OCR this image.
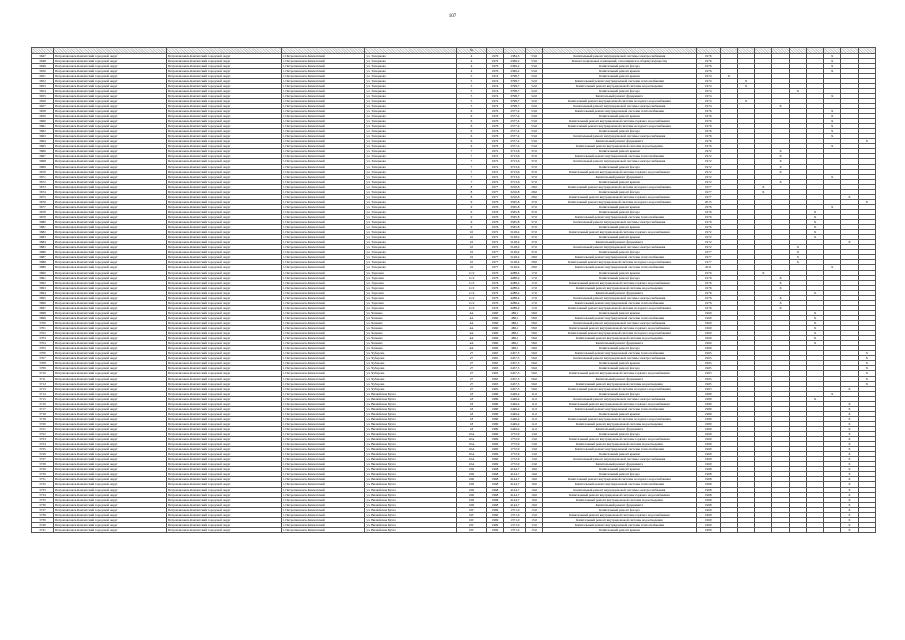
107
					№														
3647	Петропавловск-Камчатский городской округ	Петропавловск-Камчатский городской округ	г. Петропавловск-Камчатский	ул. Топоркова	4	1976	1384,5	53,6	Капитальный ремонт внутридомовой системы электроснабжения	1976							X		
3648	Петропавловск-Камчатский городской округ	Петропавловск-Камчатский городской округ	г. Петропавловск-Камчатский	ул. Топоркова	4	1976	2369,2	53,6	Ремонт подвальных помещений, относящихся к общему имуществу	1976							X		
3649	Петропавловск-Камчатский городской округ	Петропавловск-Камчатский городской округ	г. Петропавловск-Камчатский	ул. Топоркова	4	1976	2369,2	53,6	Капитальный ремонт фасада	1976							X		
3650	Петропавловск-Камчатский городской округ	Петропавловск-Камчатский городской округ	г. Петропавловск-Камчатский	ул. Топоркова	4	1976	2369,2	53,6	Капитальный ремонт крыши	1976							X		
3651	Петропавловск-Камчатский городской округ	Петропавловск-Камчатский городской округ	г. Петропавловск-Камчатский	ул. Топоркова	5	1974	3798,7	52,0	Капитальный ремонт крыши	1974	X								
3652	Петропавловск-Камчатский городской округ	Петропавловск-Камчатский городской округ	г. Петропавловск-Камчатский	ул. Топоркова	5	1974	3798,7	52,0	Капитальный ремонт внутридомовой системы теплоснабжения	1974		X							
3653	Петропавловск-Камчатский городской округ	Петропавловск-Камчатский городской округ	г. Петропавловск-Камчатский	ул. Топоркова	5	1974	3798,7	52,0	Капитальный ремонт внутридомовой системы водоотведения	1974		X							
3654	Петропавловск-Камчатский городской округ	Петропавловск-Камчатский городской округ	г. Петропавловск-Камчатский	ул. Топоркова	5	1974	3798,7	52,0	Капитальный ремонт фасада	1974					X				
3655	Петропавловск-Камчатский городской округ	Петропавловск-Камчатский городской округ	г. Петропавловск-Камчатский	ул. Топоркова	5	1974	3798,7	52,0	Капитальный ремонт фундамента	1974							X		
3656	Петропавловск-Камчатский городской округ	Петропавловск-Камчатский городской округ	г. Петропавловск-Камчатский	ул. Топоркова	5	1974	3798,7	52,0	Капитальный ремонт внутридомовой системы холодного водоснабжения	1974		X							
3657	Петропавловск-Камчатский городской округ	Петропавловск-Камчатский городской округ	г. Петропавловск-Камчатский	ул. Топоркова	5	1974	3798,7	52,0	Капитальный ремонт внутридомовой системы электроснабжения	1974				X					
3658	Петропавловск-Камчатский городской округ	Петропавловск-Камчатский городской округ	г. Петропавловск-Камчатский	ул. Топоркова	6	1976	2577,4	53,6	Капитальный ремонт внутридомовой системы теплоснабжения	1976							X		
3659	Петропавловск-Камчатский городской округ	Петропавловск-Камчатский городской округ	г. Петропавловск-Камчатский	ул. Топоркова	6	1976	2577,4	53,6	Капитальный ремонт крыши	1976							X		
3660	Петропавловск-Камчатский городской округ	Петропавловск-Камчатский городской округ	г. Петропавловск-Камчатский	ул. Топоркова	6	1976	2577,4	53,6	Капитальный ремонт внутридомовой системы горячего водоснабжения	1976							X		
3661	Петропавловск-Камчатский городской округ	Петропавловск-Камчатский городской округ	г. Петропавловск-Камчатский	ул. Топоркова	6	1976	2577,4	53,6	Капитальный ремонт внутридомовой системы холодного водоснабжения	1976							X		
3662	Петропавловск-Камчатский городской округ	Петропавловск-Камчатский городской округ	г. Петропавловск-Камчатский	ул. Топоркова	6	1976	2577,4	53,6	Капитальный ремонт фасада	1976							X		
3663	Петропавловск-Камчатский городской округ	Петропавловск-Камчатский городской округ	г. Петропавловск-Камчатский	ул. Топоркова	6	1976	2577,4	53,6	Капитальный ремонт внутридомовой системы электроснабжения	1976							X		
3664	Петропавловск-Камчатский городской округ	Петропавловск-Камчатский городской округ	г. Петропавловск-Камчатский	ул. Топоркова	6	1976	2577,4	53,6	Капитальный ремонт фундамента	1976									X
3665	Петропавловск-Камчатский городской округ	Петропавловск-Камчатский городской округ	г. Петропавловск-Камчатский	ул. Топоркова	6	1976	2577,4	53,6	Капитальный ремонт внутридомовой системы водоотведения	1976							X		
3666	Петропавловск-Камчатский городской округ	Петропавловск-Камчатский городской округ	г. Петропавловск-Камчатский	ул. Топоркова	7	1972	3713,6	37,0	Капитальный ремонт крыши	1972				X					
3667	Петропавловск-Камчатский городской округ	Петропавловск-Камчатский городской округ	г. Петропавловск-Камчатский	ул. Топоркова	7	1972	3713,6	37,0	Капитальный ремонт внутридомовой системы теплоснабжения	1972				X					
3668	Петропавловск-Камчатский городской округ	Петропавловск-Камчатский городской округ	г. Петропавловск-Камчатский	ул. Топоркова	7	1972	3713,6	37,0	Капитальный ремонт внутридомовой системы электроснабжения	1972				X					
3669	Петропавловск-Камчатский городской округ	Петропавловск-Камчатский городской округ	г. Петропавловск-Камчатский	ул. Топоркова	7	1972	3713,6	37,0	Капитальный ремонт фасада	1972				X					
3670	Петропавловск-Камчатский городской округ	Петропавловск-Камчатский городской округ	г. Петропавловск-Камчатский	ул. Топоркова	7	1972	3713,6	37,0	Капитальный ремонт внутридомовой системы горячего водоснабжения	1972				X					
3671	Петропавловск-Камчатский городской округ	Петропавловск-Камчатский городской округ	г. Петропавловск-Камчатский	ул. Топоркова	7	1972	3713,6	37,0	Капитальный ремонт фундамента	1972							X		
3672	Петропавловск-Камчатский городской округ	Петропавловск-Камчатский городской округ	г. Петропавловск-Камчатский	ул. Топоркова	7	1972	3713,6	37,0	Капитальный ремонт крыши	1972				X					
3673	Петропавловск-Камчатский городской округ	Петропавловск-Камчатский городской округ	г. Петропавловск-Камчатский	ул. Топоркова	8	1977	3216,8	28,0	Капитальный ремонт внутридомовой системы холодного водоснабжения	1977			X						
3674	Петропавловск-Камчатский городской округ	Петропавловск-Камчатский городской округ	г. Петропавловск-Камчатский	ул. Топоркова	8	1977	3216,8	28,0	Капитальный ремонт фасада	1977			X						
3675	Петропавловск-Камчатский городской округ	Петропавловск-Камчатский городской округ	г. Петропавловск-Камчатский	ул. Топоркова	8	1977	3216,8	28,0	Капитальный ремонт внутридомовой системы горячего водоснабжения	1977								X	
3676	Петропавловск-Камчатский городской округ	Петропавловск-Камчатский городской округ	г. Петропавловск-Камчатский	ул. Топоркова	9	1976	3565,8	37,0	Капитальный ремонт внутридомовой системы холодного водоснабжения	2015									X
3677	Петропавловск-Камчатский городской округ	Петропавловск-Камчатский городской округ	г. Петропавловск-Камчатский	ул. Топоркова	9	1976	3565,8	37,0	Капитальный ремонт крыши	1976							X		
3678	Петропавловск-Камчатский городской округ	Петропавловск-Камчатский городской округ	г. Петропавловск-Камчатский	ул. Топоркова	9	1976	3565,8	37,0	Капитальный ремонт фасада	1976						X			
3679	Петропавловск-Камчатский городской округ	Петропавловск-Камчатский городской округ	г. Петропавловск-Камчатский	ул. Топоркова	9	1976	3565,8	37,0	Капитальный ремонт внутридомовой системы теплоснабжения	1976						X			
3680	Петропавловск-Камчатский городской округ	Петропавловск-Камчатский городской округ	г. Петропавловск-Камчатский	ул. Топоркова	9	1976	3565,8	37,0	Капитальный ремонт внутридомовой системы электроснабжения	1976						X			
3681	Петропавловск-Камчатский городской округ	Петропавловск-Камчатский городской округ	г. Петропавловск-Камчатский	ул. Топоркова	9	1976	3565,8	37,0	Капитальный ремонт крыши	1976						X			
3682	Петропавловск-Камчатский городской округ	Петропавловск-Камчатский городской округ	г. Петропавловск-Камчатский	ул. Топоркова	10	1972	5128,4	37,0	Капитальный ремонт внутридомовой системы горячего водоснабжения	1972						X			
3683	Петропавловск-Камчатский городской округ	Петропавловск-Камчатский городской округ	г. Петропавловск-Камчатский	ул. Топоркова	10	1972	5128,4	37,0	Капитальный ремонт крыши	1972						X			
3684	Петропавловск-Камчатский городской округ	Петропавловск-Камчатский городской округ	г. Петропавловск-Камчатский	ул. Топоркова	10	1972	5128,4	37,0	Капитальный ремонт фундамента	1972								X	
3685	Петропавловск-Камчатский городской округ	Петропавловск-Камчатский городской округ	г. Петропавловск-Камчатский	ул. Топоркова	10	1972	5128,4	37,0	Капитальный ремонт внутридомовой системы электроснабжения	1972					X				
3686	Петропавловск-Камчатский городской округ	Петропавловск-Камчатский городской округ	г. Петропавловск-Камчатский	ул. Топоркова	10	1977	5128,4	37,0	Капитальный ремонт фасада	1977					X				
3687	Петропавловск-Камчатский городской округ	Петропавловск-Камчатский городской округ	г. Петропавловск-Камчатский	ул. Топоркова	10	1977	5128,4	28,0	Капитальный ремонт внутридомовой системы теплоснабжения	1977					X				
3688	Петропавловск-Камчатский городской округ	Петропавловск-Камчатский городской округ	г. Петропавловск-Камчатский	ул. Топоркова	10	1977	5128,4	28,0	Капитальный ремонт внутридомовой системы холодного водоснабжения	1977					X				
3689	Петропавловск-Камчатский городской округ	Петропавловск-Камчатский городской округ	г. Петропавловск-Камчатский	ул. Топоркова	10	1977	5128,4	28,0	Капитальный ремонт внутридомовой системы теплоснабжения	2011							X		
3690	Петропавловск-Камчатский городской округ	Петропавловск-Камчатский городской округ	г. Петропавловск-Камчатский	ул. Торговая	11/2	1976	4288,4	17,0	Капитальный ремонт крыши	1976			X						
3691	Петропавловск-Камчатский городской округ	Петропавловск-Камчатский городской округ	г. Петропавловск-Камчатский	ул. Торговая	11/2	1976	4288,4	17,0	Капитальный ремонт фасада	1976				X					
3692	Петропавловск-Камчатский городской округ	Петропавловск-Камчатский городской округ	г. Петропавловск-Камчатский	ул. Торговая	11/2	1976	4288,4	17,0	Капитальный ремонт внутридомовой системы горячего водоснабжения	1976				X					
3693	Петропавловск-Камчатский городской округ	Петропавловск-Камчатский городской округ	г. Петропавловск-Камчатский	ул. Торговая	11/2	1976	4288,4	17,0	Капитальный ремонт внутридомовой системы водоотведения	1976				X					
3694	Петропавловск-Камчатский городской округ	Петропавловск-Камчатский городской округ	г. Петропавловск-Камчатский	ул. Торговая	11/2	1976	4288,4	17,0	Капитальный ремонт фундамента	1976						X			
3695	Петропавловск-Камчатский городской округ	Петропавловск-Камчатский городской округ	г. Петропавловск-Камчатский	ул. Торговая	11/2	1976	4288,4	17,0	Капитальный ремонт внутридомовой системы электроснабжения	1976				X					
3696	Петропавловск-Камчатский городской округ	Петропавловск-Камчатский городской округ	г. Петропавловск-Камчатский	ул. Торговая	11/2	1976	4288,4	17,0	Капитальный ремонт внутридомовой системы теплоснабжения	1976				X					
3697	Петропавловск-Камчатский городской округ	Петропавловск-Камчатский городской округ	г. Петропавловск-Камчатский	ул. Торговая	11/2	1976	4288,4	17,0	Капитальный ремонт внутридомовой системы холодного водоснабжения	1976				X					
3698	Петропавловск-Камчатский городской округ	Петропавловск-Камчатский городской округ	г. Петропавловск-Камчатский	ул. Чапаева	4А	1960	486,1	58,0	Капитальный ремонт крыши	1960						X			
3699	Петропавловск-Камчатский городской округ	Петропавловск-Камчатский городской округ	г. Петропавловск-Камчатский	ул. Чапаева	4А	1960	486,1	58,0	Капитальный ремонт внутридомовой системы теплоснабжения	1960						X			
3700	Петропавловск-Камчатский городской округ	Петропавловск-Камчатский городской округ	г. Петропавловск-Камчатский	ул. Чапаева	4А	1960	486,1	58,0	Капитальный ремонт внутридомовой системы электроснабжения	1960						X			
3701	Петропавловск-Камчатский городской округ	Петропавловск-Камчатский городской округ	г. Петропавловск-Камчатский	ул. Чапаева	4А	1960	486,1	58,0	Капитальный ремонт внутридомовой системы горячего водоснабжения	1960						X			
3702	Петропавловск-Камчатский городской округ	Петропавловск-Камчатский городской округ	г. Петропавловск-Камчатский	ул. Чапаева	4А	1960	486,1	58,0	Капитальный ремонт внутридомовой системы холодного водоснабжения	1960						X			
3703	Петропавловск-Камчатский городской округ	Петропавловск-Камчатский городской округ	г. Петропавловск-Камчатский	ул. Чапаева	4А	1960	486,1	58,0	Капитальный ремонт внутридомовой системы водоотведения	1960						X			
3704	Петропавловск-Камчатский городской округ	Петропавловск-Камчатский городской округ	г. Петропавловск-Камчатский	ул. Чапаева	4А	1960	486,1	58,0	Капитальный ремонт фундамента	1960						X			
3705	Петропавловск-Камчатский городской округ	Петропавловск-Камчатский городской округ	г. Петропавловск-Камчатский	ул. Чапаева	4А	1960	486,1	58,0	Капитальный ремонт фасада	1960									
3706	Петропавловск-Камчатский городской округ	Петропавловск-Камчатский городской округ	г. Петропавловск-Камчатский	ул. Чубарова	27	1965	2457,5	56,0	Капитальный ремонт внутридомовой системы теплоснабжения	1965									X
3707	Петропавловск-Камчатский городской округ	Петропавловск-Камчатский городской округ	г. Петропавловск-Камчатский	ул. Чубарова	27	1965	2457,5	56,0	Капитальный ремонт внутридомовой системы электроснабжения	1965									X
3708	Петропавловск-Камчатский городской округ	Петропавловск-Камчатский городской округ	г. Петропавловск-Камчатский	ул. Чубарова	27	1965	2457,5	56,0	Капитальный ремонт крыши	1965									X
3709	Петропавловск-Камчатский городской округ	Петропавловск-Камчатский городской округ	г. Петропавловск-Камчатский	ул. Чубарова	27	1965	2457,5	56,0	Капитальный ремонт фасада	1965									X
3710	Петропавловск-Камчатский городской округ	Петропавловск-Камчатский городской округ	г. Петропавловск-Камчатский	ул. Чубарова	27	1965	2457,5	56,0	Капитальный ремонт внутридомовой системы горячего водоснабжения	1965									X
3711	Петропавловск-Камчатский городской округ	Петропавловск-Камчатский городской округ	г. Петропавловск-Камчатский	ул. Чубарова	27	1965	2457,5	56,0	Капитальный ремонт фундамента	1965									X
3712	Петропавловск-Камчатский городской округ	Петропавловск-Камчатский городской округ	г. Петропавловск-Камчатский	ул. Чубарова	27	1965	2457,5	56,0	Капитальный ремонт внутридомовой системы водоотведения	1965									X
3713	Петропавловск-Камчатский городской округ	Петропавловск-Камчатский городской округ	г. Петропавловск-Камчатский	ул. Чубарова	27	1965	2457,5	56,0	Капитальный ремонт внутридомовой системы холодного водоснабжения	1965								X	
3714	Петропавловск-Камчатский городской округ	Петропавловск-Камчатский городской округ	г. Петропавловск-Камчатский	ул. Вилюйская Бухта	18	1980	2449,4	11,0	Капитальный ремонт фасада	1980							X		
3715	Петропавловск-Камчатский городской округ	Петропавловск-Камчатский городской округ	г. Петропавловск-Камчатский	ул. Вилюйская Бухта	18	1980	2449,4	11,0	Капитальный ремонт внутридомовой системы электроснабжения	1980						X			
3716	Петропавловск-Камчатский городской округ	Петропавловск-Камчатский городской округ	г. Петропавловск-Камчатский	ул. Вилюйская Бухта	18	1980	2449,4	11,0	Капитальный ремонт внутридомовой системы горячего водоснабжения	1980								X	
3717	Петропавловск-Камчатский городской округ	Петропавловск-Камчатский городской округ	г. Петропавловск-Камчатский	ул. Вилюйская Бухта	18	1980	2449,4	11,0	Капитальный ремонт внутридомовой системы теплоснабжения	1980								X	
3718	Петропавловск-Камчатский городской округ	Петропавловск-Камчатский городской округ	г. Петропавловск-Камчатский	ул. Вилюйская Бухта	18	1980	2449,4	11,0	Капитальный ремонт крыши	1980								X	
3719	Петропавловск-Камчатский городской округ	Петропавловск-Камчатский городской округ	г. Петропавловск-Камчатский	ул. Вилюйская Бухта	18	1980	2449,4	11,0	Капитальный ремонт внутридомовой системы холодного водоснабжения	1980								X	
3720	Петропавловск-Камчатский городской округ	Петропавловск-Камчатский городской округ	г. Петропавловск-Камчатский	ул. Вилюйская Бухта	18	1980	2449,4	11,0	Капитальный ремонт внутридомовой системы водоотведения	1980								X	
3721	Петропавловск-Камчатский городской округ	Петропавловск-Камчатский городской округ	г. Петропавловск-Камчатский	ул. Вилюйская Бухта	18	1980	2449,4	11,0	Капитальный ремонт фундамента	1980								X	
3722	Петропавловск-Камчатский городской округ	Петропавловск-Камчатский городской округ	г. Петропавловск-Камчатский	ул. Вилюйская Бухта	10А	1969	1772,9	13,0	Капитальный ремонт фасада	1969								X	
3723	Петропавловск-Камчатский городской округ	Петропавловск-Камчатский городской округ	г. Петропавловск-Камчатский	ул. Вилюйская Бухта	10А	1969	1772,9	13,0	Капитальный ремонт внутридомовой системы горячего водоснабжения	1969								X	
3724	Петропавловск-Камчатский городской округ	Петропавловск-Камчатский городской округ	г. Петропавловск-Камчатский	ул. Вилюйская Бухта	10А	1969	1772,9	13,0	Капитальный ремонт внутридомовой системы водоотведения	1969								X	
3725	Петропавловск-Камчатский городской округ	Петропавловск-Камчатский городской округ	г. Петропавловск-Камчатский	ул. Вилюйская Бухта	10А	1969	1772,9	13,0	Капитальный ремонт внутридомовой системы теплоснабжения	1969								X	
3726	Петропавловск-Камчатский городской округ	Петропавловск-Камчатский городской округ	г. Петропавловск-Камчатский	ул. Вилюйская Бухта	10А	1969	1772,9	13,0	Капитальный ремонт крыши	1969								X	
3727	Петропавловск-Камчатский городской округ	Петропавловск-Камчатский городской округ	г. Петропавловск-Камчатский	ул. Вилюйская Бухта	10А	1969	1772,9	13,0	Капитальный ремонт внутридомовой системы электроснабжения	1969								X	
3728	Петропавловск-Камчатский городской округ	Петропавловск-Камчатский городской округ	г. Петропавловск-Камчатский	ул. Вилюйская Бухта	10А	1969	1772,9	13,0	Капитальный ремонт фундамента	1969								X	
3729	Петропавловск-Камчатский городской округ	Петропавловск-Камчатский городской округ	г. Петропавловск-Камчатский	ул. Вилюйская Бухта	10Б	1968	4144,7	19,0	Капитальный ремонт крыши	1968								X	
3730	Петропавловск-Камчатский городской округ	Петропавловск-Камчатский городской округ	г. Петропавловск-Камчатский	ул. Вилюйская Бухта	10Б	1968	4144,7	19,0	Капитальный ремонт фасада	1968								X	
3731	Петропавловск-Камчатский городской округ	Петропавловск-Камчатский городской округ	г. Петропавловск-Камчатский	ул. Вилюйская Бухта	10Б	1968	4144,7	19,0	Капитальный ремонт внутридомовой системы холодного водоснабжения	1968								X	
3732	Петропавловск-Камчатский городской округ	Петропавловск-Камчатский городской округ	г. Петропавловск-Камчатский	ул. Вилюйская Бухта	10Б	1968	4144,7	19,0	Капитальный ремонт внутридомовой системы теплоснабжения	1968								X	
3733	Петропавловск-Камчатский городской округ	Петропавловск-Камчатский городской округ	г. Петропавловск-Камчатский	ул. Вилюйская Бухта	10Б	1968	4144,7	19,0	Капитальный ремонт внутридомовой системы электроснабжения	1968								X	
3734	Петропавловск-Камчатский городской округ	Петропавловск-Камчатский городской округ	г. Петропавловск-Камчатский	ул. Вилюйская Бухта	10Б	1968	4144,7	19,0	Капитальный ремонт внутридомовой системы горячего водоснабжения	1968								X	
3735	Петропавловск-Камчатский городской округ	Петропавловск-Камчатский городской округ	г. Петропавловск-Камчатский	ул. Вилюйская Бухта	10Б	1968	4144,7	19,0	Капитальный ремонт внутридомовой системы водоотведения	1968								X	
3736	Петропавловск-Камчатский городской округ	Петропавловск-Камчатский городской округ	г. Петропавловск-Камчатский	ул. Вилюйская Бухта	10Б	1968	4144,7	19,0	Капитальный ремонт фундамента	1968								X	
3737	Петропавловск-Камчатский городской округ	Петропавловск-Камчатский городской округ	г. Петропавловск-Камчатский	ул. Вилюйская Бухта	10Г	1969	1371,0	15,0	Капитальный ремонт фасада	1969								X	
3738	Петропавловск-Камчатский городской округ	Петропавловск-Камчатский городской округ	г. Петропавловск-Камчатский	ул. Вилюйская Бухта	10Г	1969	1371,0	15,0	Капитальный ремонт внутридомовой системы горячего водоснабжения	1969								X	
3739	Петропавловск-Камчатский городской округ	Петропавловск-Камчатский городской округ	г. Петропавловск-Камчатский	ул. Вилюйская Бухта	10Г	1969	1371,0	15,0	Капитальный ремонт внутридомовой системы водоотведения	1969								X	
3740	Петропавловск-Камчатский городской округ	Петропавловск-Камчатский городской округ	г. Петропавловск-Камчатский	ул. Вилюйская Бухта	10Г	1969	1371,0	15,0	Капитальный ремонт внутридомовой системы теплоснабжения	1969								X	
3741	Петропавловск-Камчатский городской округ	Петропавловск-Камчатский городской округ	г. Петропавловск-Камчатский	ул. Вилюйская Бухта	10Г	1969	1371,0	15,0	Капитальный ремонт крыши	1969								X	
